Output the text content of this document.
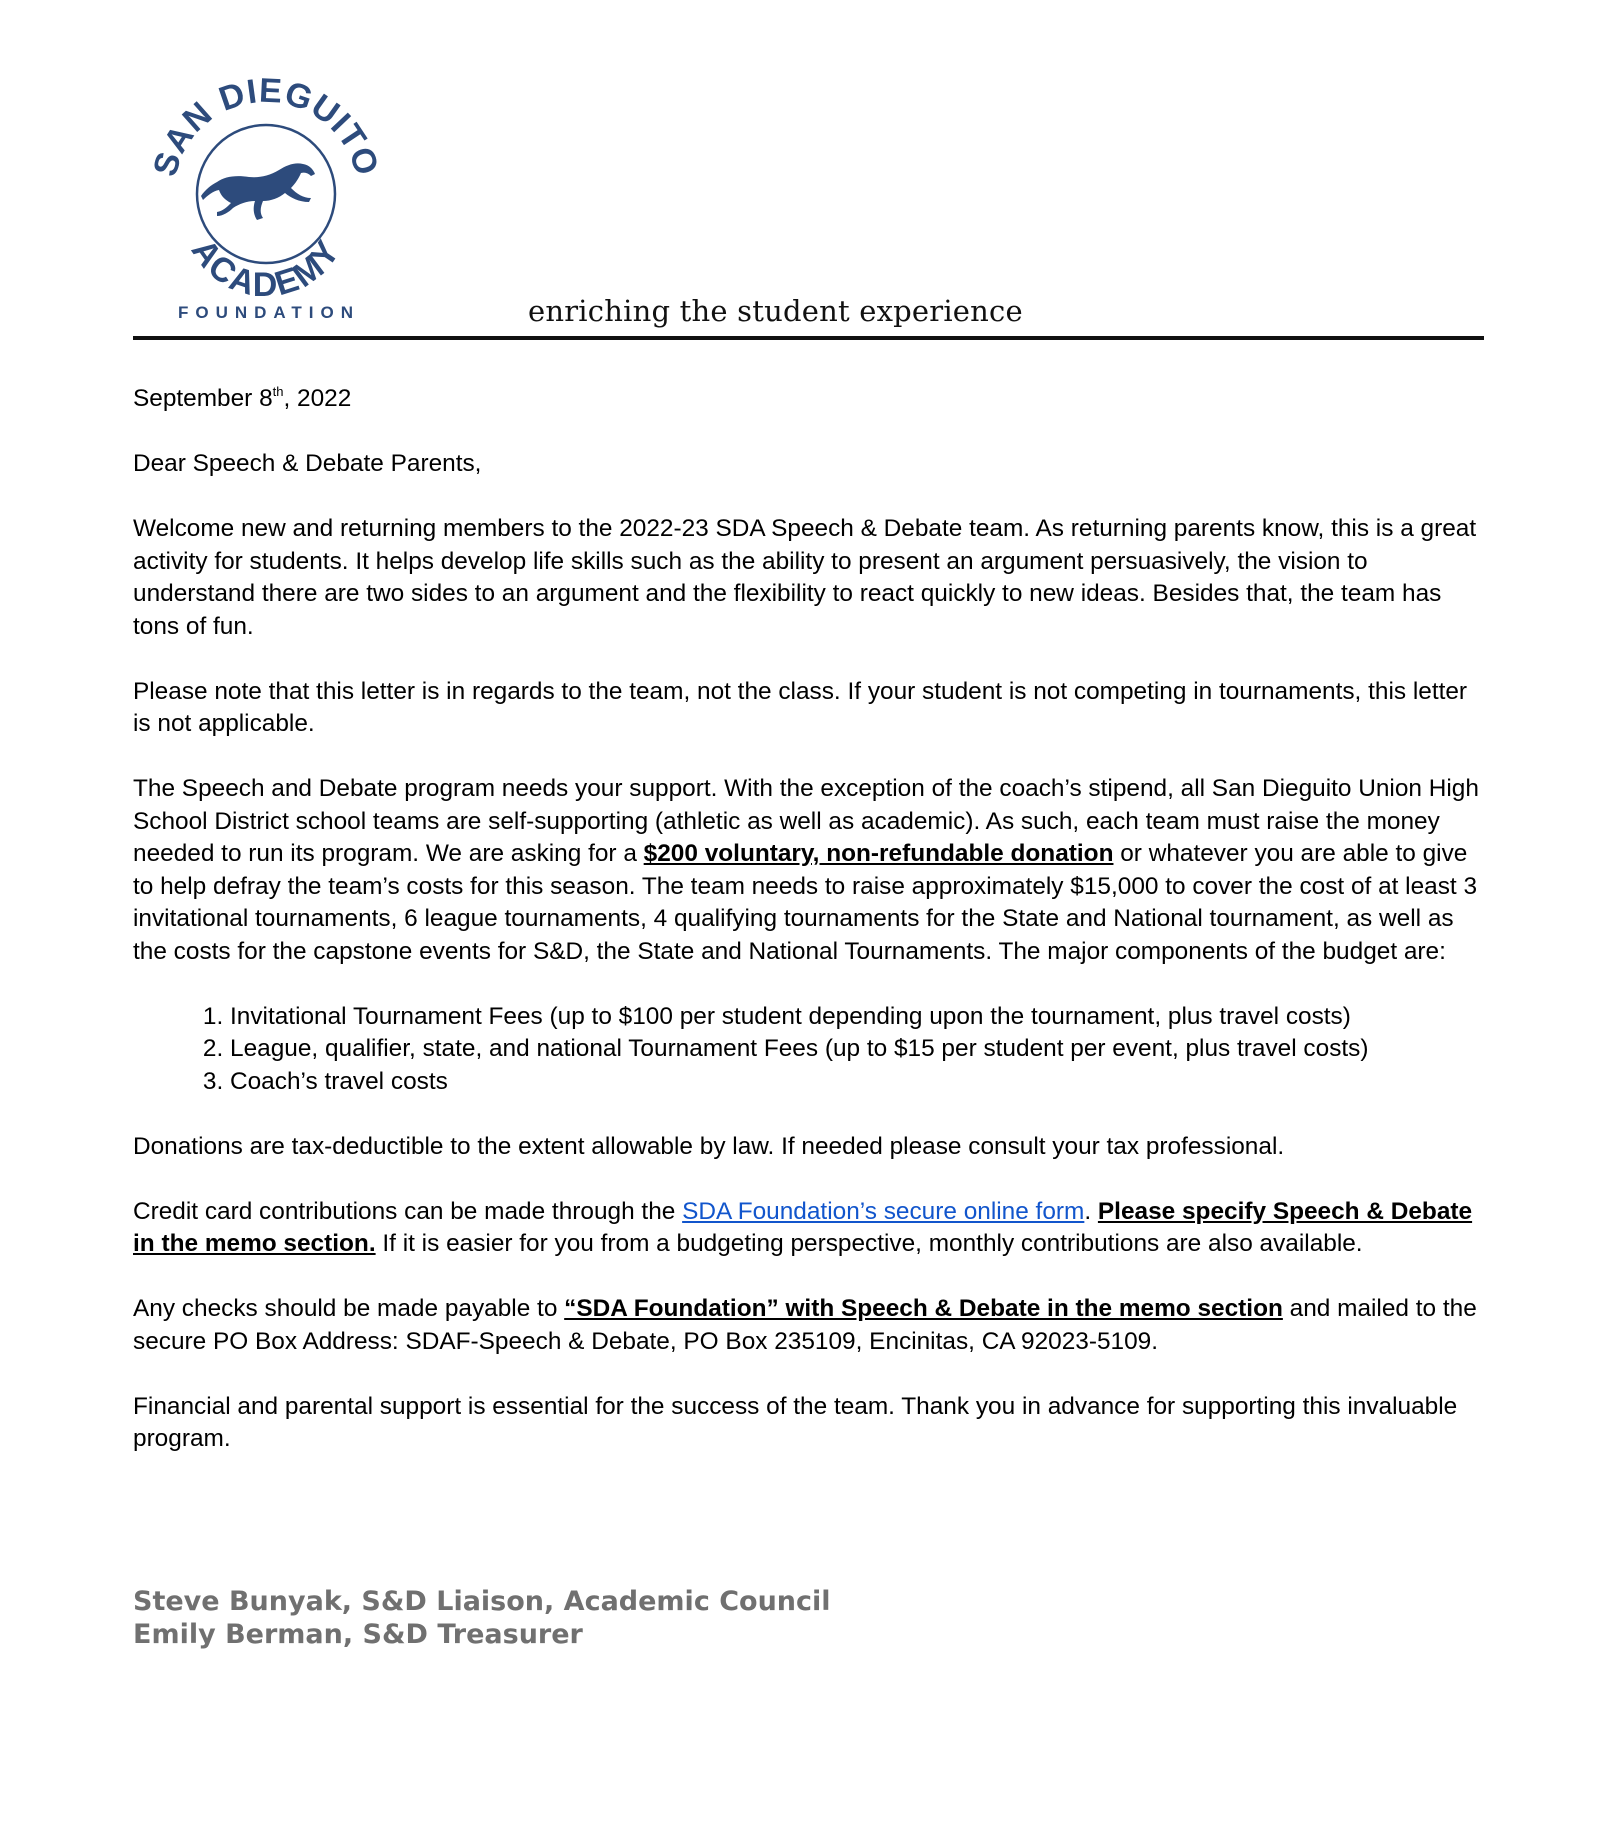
SAN DIEGUITO
ACADEMY
FOUNDATION	enriching the student experience

September 8th, 2022

Dear Speech & Debate Parents,

Welcome new and returning members to the 2022-23 SDA Speech & Debate team. As returning parents know, this is a great activity for students. It helps develop life skills such as the ability to present an argument persuasively, the vision to understand there are two sides to an argument and the flexibility to react quickly to new ideas. Besides that, the team has tons of fun.

Please note that this letter is in regards to the team, not the class. If your student is not competing in tournaments, this letter is not applicable.

The Speech and Debate program needs your support. With the exception of the coach’s stipend, all San Dieguito Union High School District school teams are self-supporting (athletic as well as academic). As such, each team must raise the money needed to run its program. We are asking for a $200 voluntary, non-refundable donation or whatever you are able to give to help defray the team’s costs for this season. The team needs to raise approximately $15,000 to cover the cost of at least 3 invitational tournaments, 6 league tournaments, 4 qualifying tournaments for the State and National tournament, as well as the costs for the capstone events for S&D, the State and National Tournaments. The major components of the budget are:

1. Invitational Tournament Fees (up to $100 per student depending upon the tournament, plus travel costs)
2. League, qualifier, state, and national Tournament Fees (up to $15 per student per event, plus travel costs)
3. Coach’s travel costs

Donations are tax-deductible to the extent allowable by law. If needed please consult your tax professional.

Credit card contributions can be made through the SDA Foundation’s secure online form. Please specify Speech & Debate in the memo section. If it is easier for you from a budgeting perspective, monthly contributions are also available.

Any checks should be made payable to “SDA Foundation” with Speech & Debate in the memo section and mailed to the secure PO Box Address: SDAF-Speech & Debate, PO Box 235109, Encinitas, CA 92023-5109.

Financial and parental support is essential for the success of the team. Thank you in advance for supporting this invaluable program.

Steve Bunyak, S&D Liaison, Academic Council
Emily Berman, S&D Treasurer
